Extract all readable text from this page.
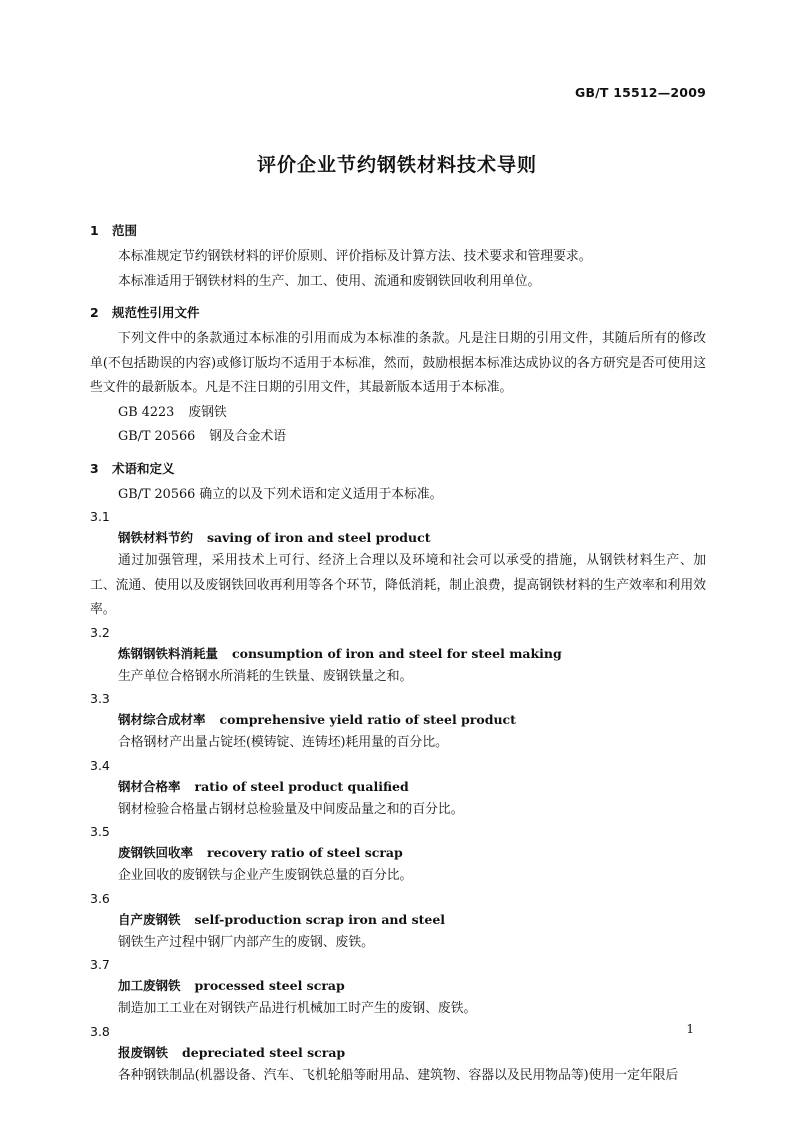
GB/T 15512—2009
评价企业节约钢铁材料技术导则
1 范围
本标准规定节约钢铁材料的评价原则、评价指标及计算方法、技术要求和管理要求。
本标准适用于钢铁材料的生产、加工、使用、流通和废钢铁回收利用单位。
2 规范性引用文件
下列文件中的条款通过本标准的引用而成为本标准的条款。凡是注日期的引用文件，其随后所有的修改单(不包括勘误的内容)或修订版均不适用于本标准，然而，鼓励根据本标准达成协议的各方研究是否可使用这些文件的最新版本。凡是不注日期的引用文件，其最新版本适用于本标准。
GB 4223 废钢铁
GB/T 20566 钢及合金术语
3 术语和定义
GB/T 20566 确立的以及下列术语和定义适用于本标准。
3.1
钢铁材料节约 saving of iron and steel product
通过加强管理，采用技术上可行、经济上合理以及环境和社会可以承受的措施，从钢铁材料生产、加工、流通、使用以及废钢铁回收再利用等各个环节，降低消耗，制止浪费，提高钢铁材料的生产效率和利用效率。
3.2
炼钢钢铁料消耗量 consumption of iron and steel for steel making
生产单位合格钢水所消耗的生铁量、废钢铁量之和。
3.3
钢材综合成材率 comprehensive yield ratio of steel product
合格钢材产出量占锭坯(模铸锭、连铸坯)耗用量的百分比。
3.4
钢材合格率 ratio of steel product qualified
钢材检验合格量占钢材总检验量及中间废品量之和的百分比。
3.5
废钢铁回收率 recovery ratio of steel scrap
企业回收的废钢铁与企业产生废钢铁总量的百分比。
3.6
自产废钢铁 self-production scrap iron and steel
钢铁生产过程中钢厂内部产生的废钢、废铁。
3.7
加工废钢铁 processed steel scrap
制造加工工业在对钢铁产品进行机械加工时产生的废钢、废铁。
3.8
报废钢铁 depreciated steel scrap
各种钢铁制品(机器设备、汽车、飞机轮船等耐用品、建筑物、容器以及民用物品等)使用一定年限后
1
